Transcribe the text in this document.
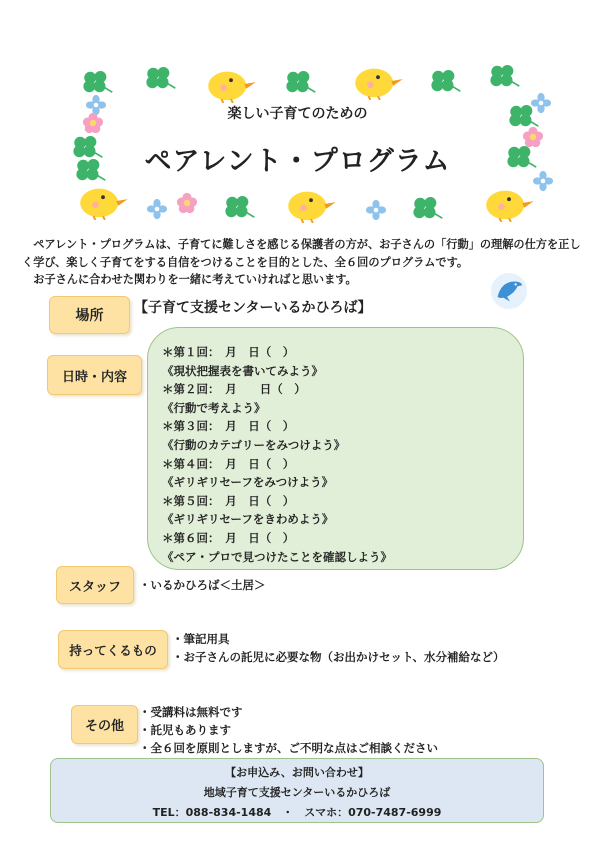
楽しい子育てのための
ペアレント・プログラム

　ペアレント・プログラムは、子育てに難しさを感じる保護者の方が、お子さんの「行動」の理解の仕方を正し

く学び、楽しく子育てをする自信をつけることを目的とした、全６回のプログラムです。

　お子さんに合わせた関わりを一緒に考えていければと思います。

場所	【子育て支援センターいるかひろば】
日時・内容
＊第１回：　月　日（　）
《現状把握表を書いてみよう》
＊第２回：　月　　日（　）
《行動で考えよう》
＊第３回：　月　日（　）
《行動のカテゴリーをみつけよう》
＊第４回：　月　日（　）
《ギリギリセーフをみつけよう》
＊第５回：　月　日（　）
《ギリギリセーフをきわめよう》
＊第６回：　月　日（　）
《ペア・プロで見つけたことを確認しよう》
スタッフ	・いるかひろば＜土居＞
持ってくるもの
・筆記用具
・お子さんの託児に必要な物（お出かけセット、水分補給など）
その他
・受講料は無料です
・託児もあります
・全６回を原則としますが、ご不明な点はご相談ください
【お申込み、お問い合わせ】
地域子育て支援センターいるかひろば
TEL：088-834-1484　・　スマホ：070-7487-6999
